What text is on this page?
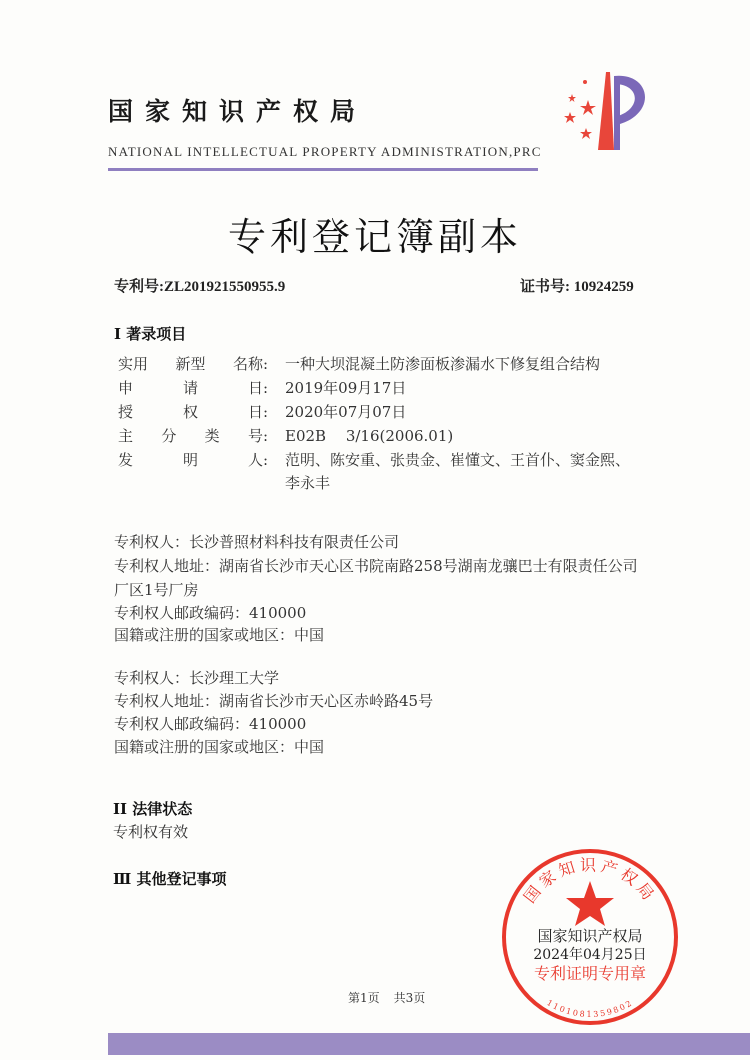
国家知识产权局
NATIONAL INTELLECTUAL PROPERTY ADMINISTRATION,PRC
专利登记簿副本
专利号:ZL201921550955.9	证书号: 10924259
I 著录项目
实用 新型 名称: 一种大坝混凝土防渗面板渗漏水下修复组合结构
申	请	日: 2019年09月17日
授	权	日: 2020年07月07日
主 分 类 号: E02B　 3/16(2006.01)
发	明	人: 范明、陈安重、张贵金、崔懂文、王首仆、窦金熙、
李永丰
专利权人：长沙普照材料科技有限责任公司
专利权人地址：湖南省长沙市天心区书院南路258号湖南龙骧巴士有限责任公司
厂区1号厂房
专利权人邮政编码：410000
国籍或注册的国家或地区：中国
专利权人：长沙理工大学
专利权人地址：湖南省长沙市天心区赤岭路45号
专利权人邮政编码：410000
国籍或注册的国家或地区：中国
II 法律状态
专利权有效
Ⅲ 其他登记事项
国家知识产权局
国家知识产权局
2024年04月25日
专利证明专用章
1101081359802
第1页 共3页
